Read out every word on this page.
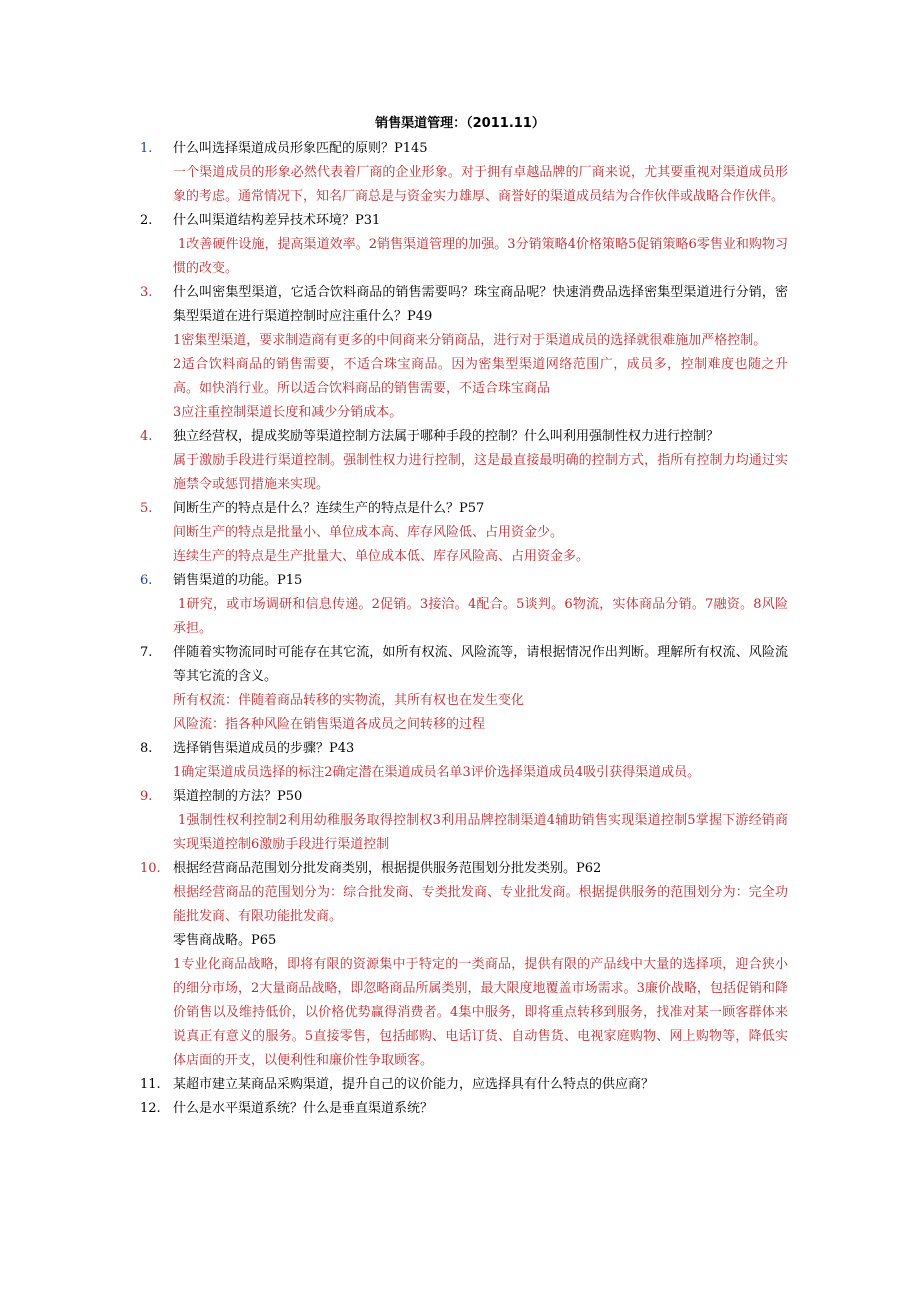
销售渠道管理：（2011.11）
1.	什么叫选择渠道成员形象匹配的原则？P145
一个渠道成员的形象必然代表着厂商的企业形象。对于拥有卓越品牌的厂商来说，尤其要重视对渠道成员形象的考虑。通常情况下，知名厂商总是与资金实力雄厚、商誉好的渠道成员结为合作伙伴或战略合作伙伴。
2.	什么叫渠道结构差异技术环境？P31
1改善硬件设施，提高渠道效率。2销售渠道管理的加强。3分销策略4价格策略5促销策略6零售业和购物习惯的改变。
3.	什么叫密集型渠道，它适合饮料商品的销售需要吗？珠宝商品呢？快速消费品选择密集型渠道进行分销，密集型渠道在进行渠道控制时应注重什么？P49
1密集型渠道，要求制造商有更多的中间商来分销商品，进行对于渠道成员的选择就很难施加严格控制。
2适合饮料商品的销售需要，不适合珠宝商品。因为密集型渠道网络范围广，成员多，控制难度也随之升高。如快消行业。所以适合饮料商品的销售需要，不适合珠宝商品
3应注重控制渠道长度和减少分销成本。
4.	独立经营权，提成奖励等渠道控制方法属于哪种手段的控制？什么叫利用强制性权力进行控制？
属于激励手段进行渠道控制。强制性权力进行控制，这是最直接最明确的控制方式，指所有控制力均通过实施禁令或惩罚措施来实现。
5.	间断生产的特点是什么？连续生产的特点是什么？P57
间断生产的特点是批量小、单位成本高、库存风险低、占用资金少。
连续生产的特点是生产批量大、单位成本低、库存风险高、占用资金多。
6.	销售渠道的功能。P15
1研究，或市场调研和信息传递。2促销。3接洽。4配合。5谈判。6物流，实体商品分销。7融资。8风险承担。
7.	伴随着实物流同时可能存在其它流，如所有权流、风险流等，请根据情况作出判断。理解所有权流、风险流等其它流的含义。
所有权流：伴随着商品转移的实物流，其所有权也在发生变化
风险流：指各种风险在销售渠道各成员之间转移的过程
8.	选择销售渠道成员的步骤？P43
1确定渠道成员选择的标注2确定潜在渠道成员名单3评价选择渠道成员4吸引获得渠道成员。
9.	渠道控制的方法？P50
1强制性权利控制2利用幼稚服务取得控制权3利用品牌控制渠道4辅助销售实现渠道控制5掌握下游经销商实现渠道控制6激励手段进行渠道控制
10. 根据经营商品范围划分批发商类别，根据提供服务范围划分批发类别。P62
根据经营商品的范围划分为：综合批发商、专类批发商、专业批发商。根据提供服务的范围划分为：完全功能批发商、有限功能批发商。
零售商战略。P65
1专业化商品战略，即将有限的资源集中于特定的一类商品，提供有限的产品线中大量的选择项，迎合狭小的细分市场，2大量商品战略，即忽略商品所属类别，最大限度地覆盖市场需求。3廉价战略，包括促销和降价销售以及维持低价，以价格优势赢得消费者。4集中服务，即将重点转移到服务，找准对某一顾客群体来说真正有意义的服务。5直接零售，包括邮购、电话订货、自动售货、电视家庭购物、网上购物等，降低实体店面的开支，以便利性和廉价性争取顾客。
11. 某超市建立某商品采购渠道，提升自己的议价能力，应选择具有什么特点的供应商？
12. 什么是水平渠道系统？什么是垂直渠道系统？
